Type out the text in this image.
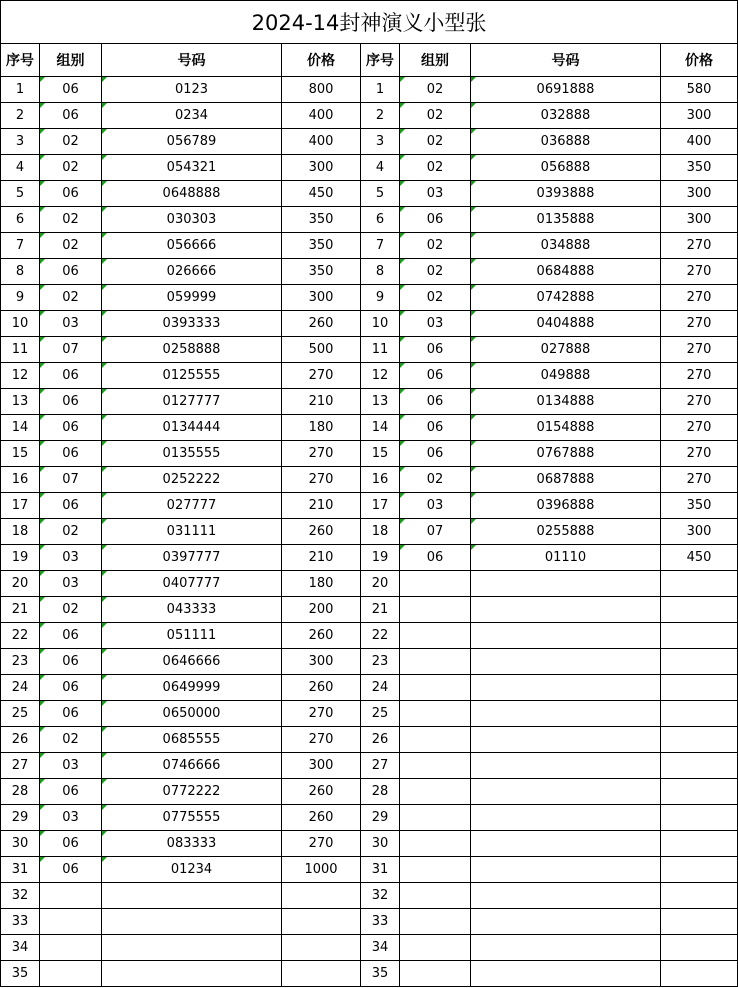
2024-14封神演义小型张							
序号	组别	号码	价格	序号	组别	号码	价格
1	06	0123	800	1	02	0691888	580
2	06	0234	400	2	02	032888	300
3	02	056789	400	3	02	036888	400
4	02	054321	300	4	02	056888	350
5	06	0648888	450	5	03	0393888	300
6	02	030303	350	6	06	0135888	300
7	02	056666	350	7	02	034888	270
8	06	026666	350	8	02	0684888	270
9	02	059999	300	9	02	0742888	270
10	03	0393333	260	10	03	0404888	270
11	07	0258888	500	11	06	027888	270
12	06	0125555	270	12	06	049888	270
13	06	0127777	210	13	06	0134888	270
14	06	0134444	180	14	06	0154888	270
15	06	0135555	270	15	06	0767888	270
16	07	0252222	270	16	02	0687888	270
17	06	027777	210	17	03	0396888	350
18	02	031111	260	18	07	0255888	300
19	03	0397777	210	19	06	01110	450
20	03	0407777	180	20			
21	02	043333	200	21			
22	06	051111	260	22			
23	06	0646666	300	23			
24	06	0649999	260	24			
25	06	0650000	270	25			
26	02	0685555	270	26			
27	03	0746666	300	27			
28	06	0772222	260	28			
29	03	0775555	260	29			
30	06	083333	270	30			
31	06	01234	1000	31			
32				32			
33				33			
34				34			
35				35			
